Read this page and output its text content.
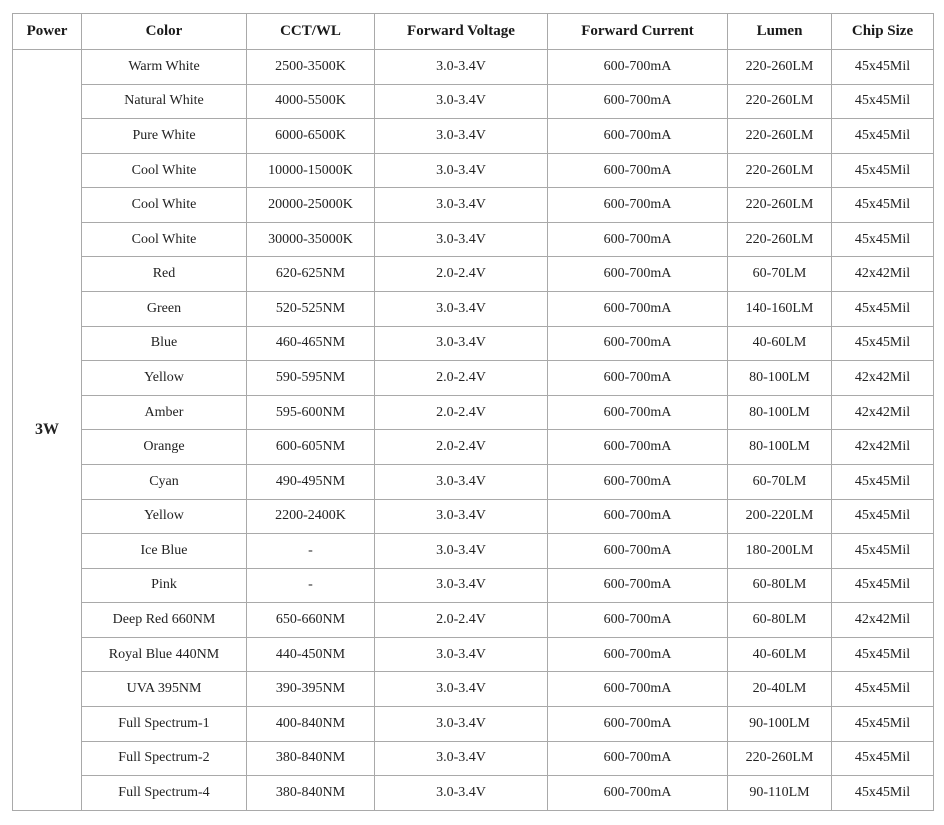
Power	Color	CCT/WL	Forward Voltage	Forward Current	Lumen	Chip Size
3W	Warm White	2500-3500K	3.0-3.4V	600-700mA	220-260LM	45x45Mil
	Natural White	4000-5500K	3.0-3.4V	600-700mA	220-260LM	45x45Mil
	Pure White	6000-6500K	3.0-3.4V	600-700mA	220-260LM	45x45Mil
	Cool White	10000-15000K	3.0-3.4V	600-700mA	220-260LM	45x45Mil
	Cool White	20000-25000K	3.0-3.4V	600-700mA	220-260LM	45x45Mil
	Cool White	30000-35000K	3.0-3.4V	600-700mA	220-260LM	45x45Mil
	Red	620-625NM	2.0-2.4V	600-700mA	60-70LM	42x42Mil
	Green	520-525NM	3.0-3.4V	600-700mA	140-160LM	45x45Mil
	Blue	460-465NM	3.0-3.4V	600-700mA	40-60LM	45x45Mil
	Yellow	590-595NM	2.0-2.4V	600-700mA	80-100LM	42x42Mil
	Amber	595-600NM	2.0-2.4V	600-700mA	80-100LM	42x42Mil
	Orange	600-605NM	2.0-2.4V	600-700mA	80-100LM	42x42Mil
	Cyan	490-495NM	3.0-3.4V	600-700mA	60-70LM	45x45Mil
	Yellow	2200-2400K	3.0-3.4V	600-700mA	200-220LM	45x45Mil
	Ice Blue	-	3.0-3.4V	600-700mA	180-200LM	45x45Mil
	Pink	-	3.0-3.4V	600-700mA	60-80LM	45x45Mil
	Deep Red 660NM	650-660NM	2.0-2.4V	600-700mA	60-80LM	42x42Mil
	Royal Blue 440NM	440-450NM	3.0-3.4V	600-700mA	40-60LM	45x45Mil
	UVA 395NM	390-395NM	3.0-3.4V	600-700mA	20-40LM	45x45Mil
	Full Spectrum-1	400-840NM	3.0-3.4V	600-700mA	90-100LM	45x45Mil
	Full Spectrum-2	380-840NM	3.0-3.4V	600-700mA	220-260LM	45x45Mil
	Full Spectrum-4	380-840NM	3.0-3.4V	600-700mA	90-110LM	45x45Mil
